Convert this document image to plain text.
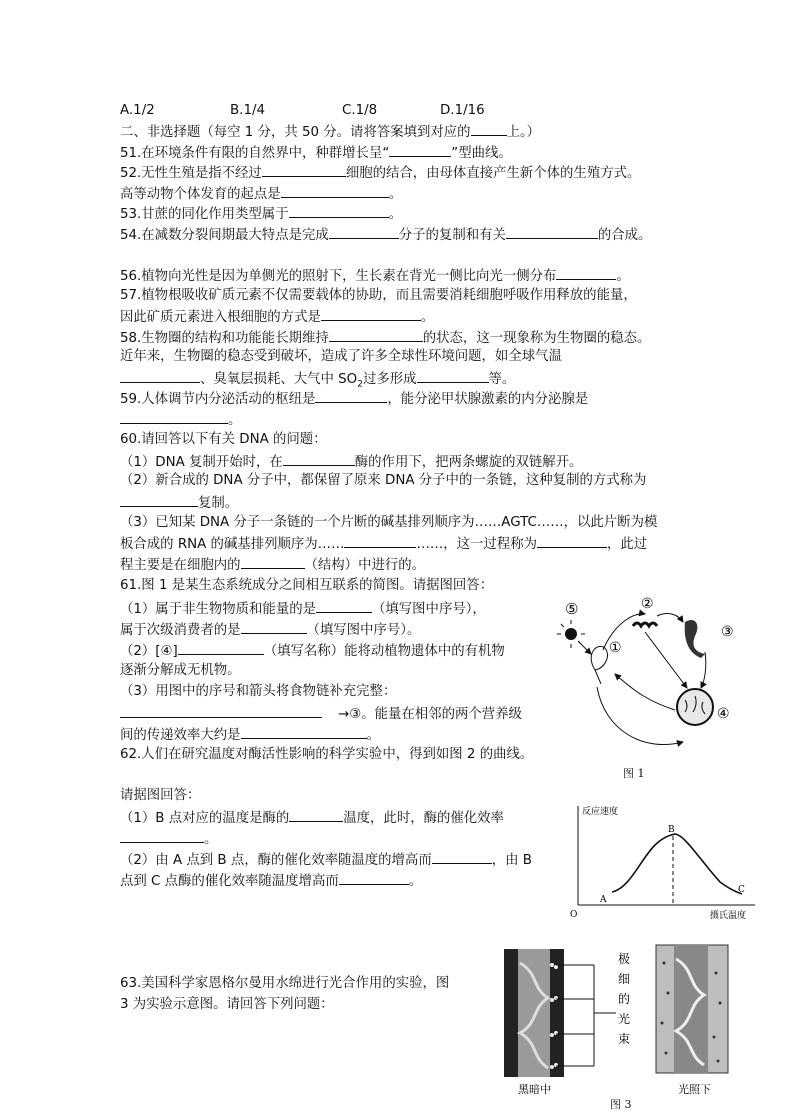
A.1/2	B.1/4	C.1/8	D.1/16
二、非选择题（每空 1 分，共 50 分。请将答案填到对应的	上。）
51.在环境条件有限的自然界中，种群增长呈“	”型曲线。
52.无性生殖是指不经过	细胞的结合，由母体直接产生新个体的生殖方式。
高等动物个体发育的起点是	。
53.甘蔗的同化作用类型属于	。
54.在减数分裂间期最大特点是完成	分子的复制和有关	的合成。
56.植物向光性是因为单侧光的照射下，生长素在背光一侧比向光一侧分布	。
57.植物根吸收矿质元素不仅需要载体的协助，而且需要消耗细胞呼吸作用释放的能量，
因此矿质元素进入根细胞的方式是	。
58.生物圈的结构和功能能长期维持	的状态，这一现象称为生物圈的稳态。
近年来，生物圈的稳态受到破坏，造成了许多全球性环境问题，如全球气温
、臭氧层损耗、大气中 $SO_2$过多形成	等。
59.人体调节内分泌活动的枢纽是	，能分泌甲状腺激素的内分泌腺是
。
60.请回答以下有关 DNA 的问题：
（1）DNA 复制开始时，在	酶的作用下，把两条螺旋的双链解开。
（2）新合成的 DNA 分子中，都保留了原来 DNA 分子中的一条链，这种复制的方式称为
复制。
（3）已知某 DNA 分子一条链的一个片断的碱基排列顺序为……AGTC……，以此片断为模
板合成的 RNA 的碱基排列顺序为……	……，这一过程称为	，此过
程主要是在细胞内的	（结构）中进行的。
61.图 1 是某生态系统成分之间相互联系的简图。请据图回答：
（1）属于非生物物质和能量的是	（填写图中序号），
属于次级消费者的是	（填写图中序号）。
（2）[④]	（填写名称）能将动植物遗体中的有机物
逐渐分解成无机物。
（3）用图中的序号和箭头将食物链补充完整：
→③。能量在相邻的两个营养级
间的传递效率大约是	。
62.人们在研究温度对酶活性影响的科学实验中，得到如图 2 的曲线。
请据图回答：
（1）B 点对应的温度是酶的	温度，此时，酶的催化效率
。
（2）由 A 点到 B 点，酶的催化效率随温度的增高而	，由 B
点到 C 点酶的催化效率随温度增高而	。
63.美国科学家恩格尔曼用水绵进行光合作用的实验，图
3 为实验示意图。请回答下列问题：
⑤
①
②
③
④
图 1
反应速度
摄氏温度
O
A
B
C
极
细
的
光
束
黑暗中	光照下
图 3
